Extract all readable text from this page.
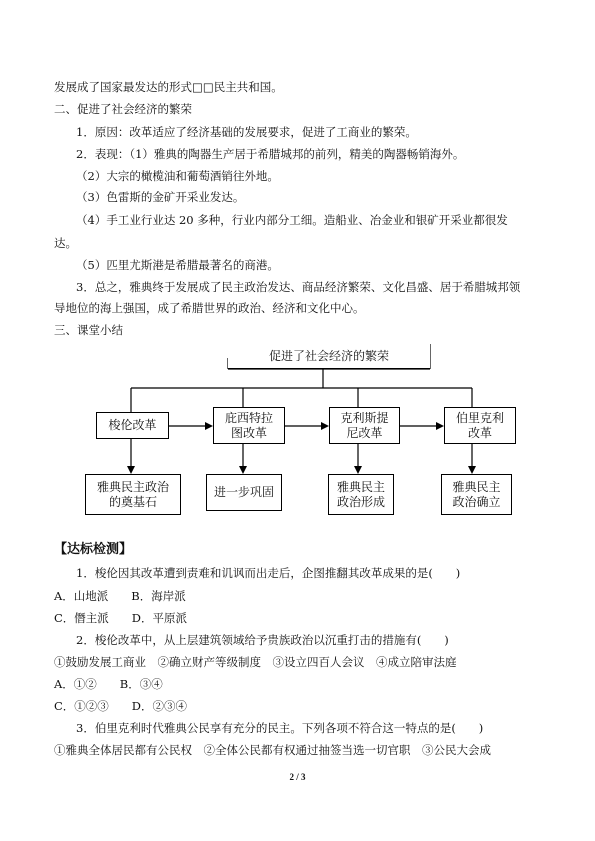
发展成了国家最发达的形式□□民主共和国。
二、促进了社会经济的繁荣
1．原因：改革适应了经济基础的发展要求，促进了工商业的繁荣。
2．表现：（1）雅典的陶器生产居于希腊城邦的前列，精美的陶器畅销海外。
（2）大宗的橄榄油和葡萄酒销往外地。
（3）色雷斯的金矿开采业发达。
（4）手工业行业达 20 多种，行业内部分工细。造船业、冶金业和银矿开采业都很发
达。
（5）匹里尤斯港是希腊最著名的商港。
3．总之，雅典终于发展成了民主政治发达、商品经济繁荣、文化昌盛、居于希腊城邦领
导地位的海上强国，成了希腊世界的政治、经济和文化中心。
三、课堂小结
促进了社会经济的繁荣
梭伦改革
庇西特拉图改革
克利斯提尼改革
伯里克利改革
雅典民主政治的奠基石
进一步巩固	雅典民主政治形成
雅典民主政治确立
【达标检测】
1．梭伦因其改革遭到责难和讥讽而出走后，企图推翻其改革成果的是(　　)
A．山地派　　B．海岸派
C．僭主派　　D．平原派
2．梭伦改革中，从上层建筑领域给予贵族政治以沉重打击的措施有(　　)
①鼓励发展工商业　②确立财产等级制度　③设立四百人会议　④成立陪审法庭
A．①②　　B．③④
C．①②③　　D．②③④
3．伯里克利时代雅典公民享有充分的民主。下列各项不符合这一特点的是(　　)
①雅典全体居民都有公民权　②全体公民都有权通过抽签当选一切官职　③公民大会成
2 / 3
